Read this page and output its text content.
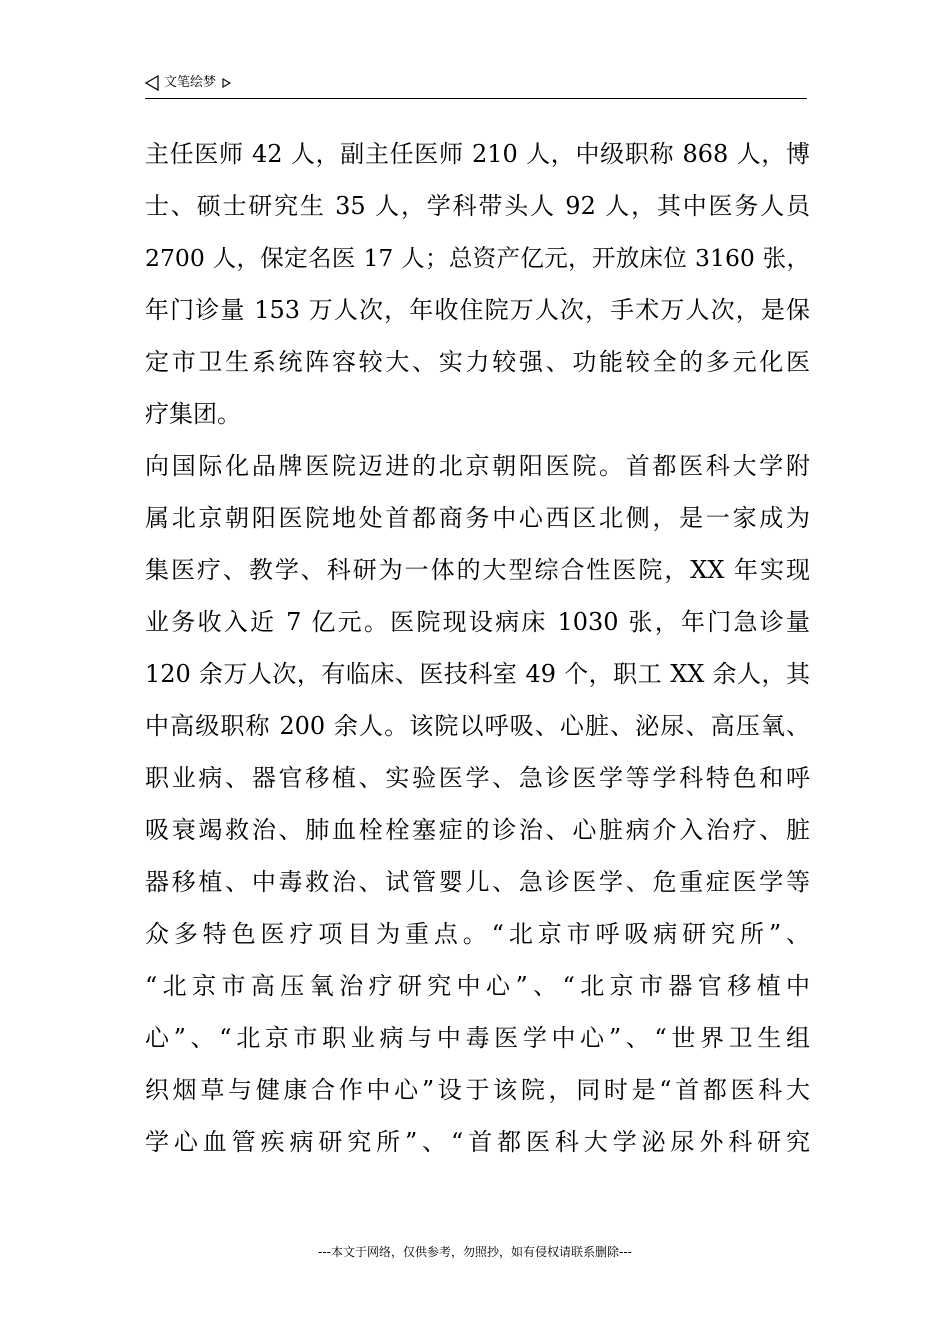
文笔绘梦
主任医师 42 人，副主任医师 210 人，中级职称 868 人，博
士、硕士研究生 35 人，学科带头人 92 人，其中医务人员
2700 人，保定名医 17 人；总资产亿元，开放床位 3160 张，
年门诊量 153 万人次，年收住院万人次，手术万人次，是保
定市卫生系统阵容较大、实力较强、功能较全的多元化医
疗集团。
向国际化品牌医院迈进的北京朝阳医院。首都医科大学附
属北京朝阳医院地处首都商务中心西区北侧，是一家成为
集医疗、教学、科研为一体的大型综合性医院，XX 年实现
业务收入近 7 亿元。医院现设病床 1030 张，年门急诊量
120 余万人次，有临床、医技科室 49 个，职工 XX 余人，其
中高级职称 200 余人。该院以呼吸、心脏、泌尿、高压氧、
职业病、器官移植、实验医学、急诊医学等学科特色和呼
吸衰竭救治、肺血栓栓塞症的诊治、心脏病介入治疗、脏
器移植、中毒救治、试管婴儿、急诊医学、危重症医学等
众多特色医疗项目为重点。“北京市呼吸病研究所”、
“北京市高压氧治疗研究中心”、“北京市器官移植中
心”、“北京市职业病与中毒医学中心”、“世界卫生组
织烟草与健康合作中心”设于该院，同时是“首都医科大
学心血管疾病研究所”、“首都医科大学泌尿外科研究
---本文于网络，仅供参考，勿照抄，如有侵权请联系删除---
